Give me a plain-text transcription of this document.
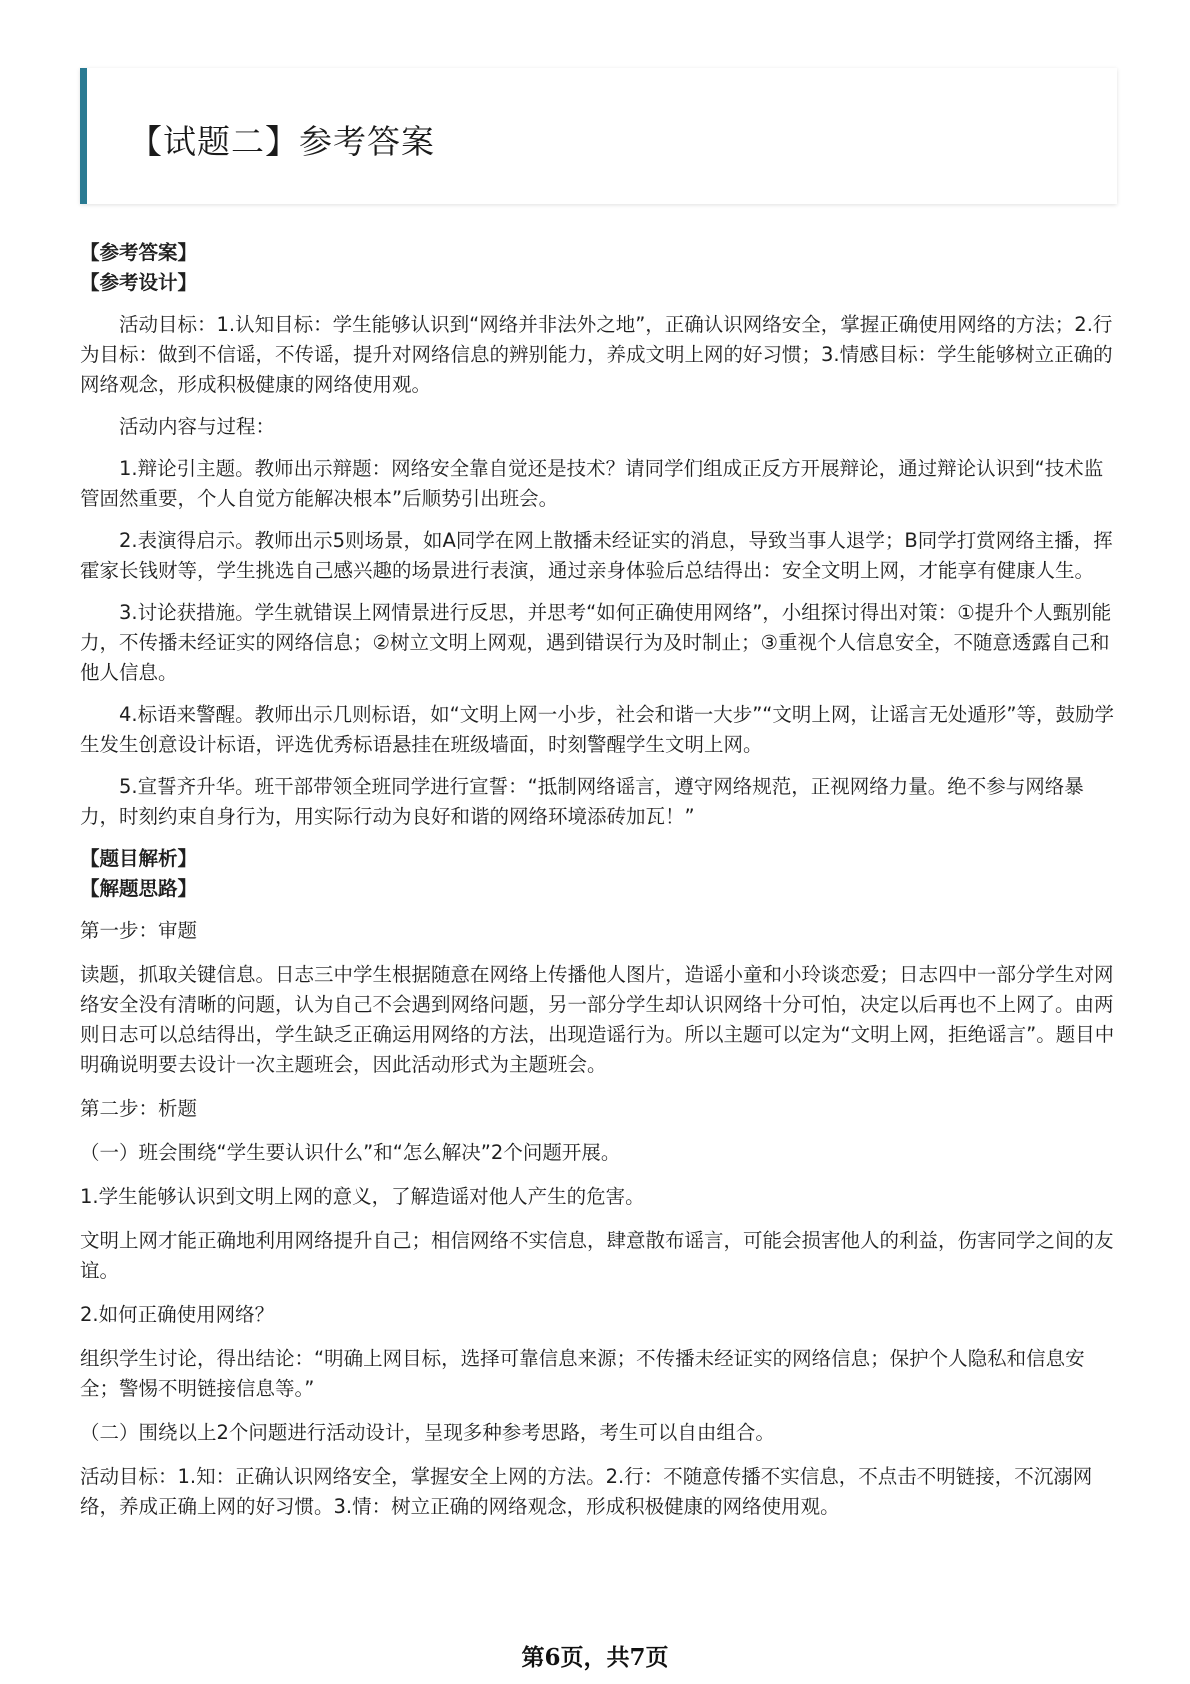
【试题二】参考答案

【参考答案】

【参考设计】

活动目标：1.认知目标：学生能够认识到“网络并非法外之地”，正确认识网络安全，掌握正确使用网络的方法；2.行为目标：做到不信谣，不传谣，提升对网络信息的辨别能力，养成文明上网的好习惯；3.情感目标：学生能够树立正确的网络观念，形成积极健康的网络使用观。

活动内容与过程：

1.辩论引主题。教师出示辩题：网络安全靠自觉还是技术？请同学们组成正反方开展辩论，通过辩论认识到“技术监管固然重要，个人自觉方能解决根本”后顺势引出班会。

2.表演得启示。教师出示5则场景，如A同学在网上散播未经证实的消息，导致当事人退学；B同学打赏网络主播，挥霍家长钱财等，学生挑选自己感兴趣的场景进行表演，通过亲身体验后总结得出：安全文明上网，才能享有健康人生。

3.讨论获措施。学生就错误上网情景进行反思，并思考“如何正确使用网络”，小组探讨得出对策：①提升个人甄别能力，不传播未经证实的网络信息；②树立文明上网观，遇到错误行为及时制止；③重视个人信息安全，不随意透露自己和他人信息。

4.标语来警醒。教师出示几则标语，如“文明上网一小步，社会和谐一大步”“文明上网，让谣言无处遁形”等，鼓励学生发生创意设计标语，评选优秀标语悬挂在班级墙面，时刻警醒学生文明上网。

5.宣誓齐升华。班干部带领全班同学进行宣誓：“抵制网络谣言，遵守网络规范，正视网络力量。绝不参与网络暴力，时刻约束自身行为，用实际行动为良好和谐的网络环境添砖加瓦！”

【题目解析】

【解题思路】

第一步：审题

读题，抓取关键信息。日志三中学生根据随意在网络上传播他人图片，造谣小童和小玲谈恋爱；日志四中一部分学生对网络安全没有清晰的问题，认为自己不会遇到网络问题，另一部分学生却认识网络十分可怕，决定以后再也不上网了。由两则日志可以总结得出，学生缺乏正确运用网络的方法，出现造谣行为。所以主题可以定为“文明上网，拒绝谣言”。题目中明确说明要去设计一次主题班会，因此活动形式为主题班会。

第二步：析题

（一）班会围绕“学生要认识什么”和“怎么解决”2个问题开展。

1.学生能够认识到文明上网的意义，了解造谣对他人产生的危害。

文明上网才能正确地利用网络提升自己；相信网络不实信息，肆意散布谣言，可能会损害他人的利益，伤害同学之间的友谊。

2.如何正确使用网络？

组织学生讨论，得出结论：“明确上网目标，选择可靠信息来源；不传播未经证实的网络信息；保护个人隐私和信息安全；警惕不明链接信息等。”

（二）围绕以上2个问题进行活动设计，呈现多种参考思路，考生可以自由组合。

活动目标：1.知：正确认识网络安全，掌握安全上网的方法。2.行：不随意传播不实信息，不点击不明链接，不沉溺网络，养成正确上网的好习惯。3.情：树立正确的网络观念，形成积极健康的网络使用观。

第6页，共7页
